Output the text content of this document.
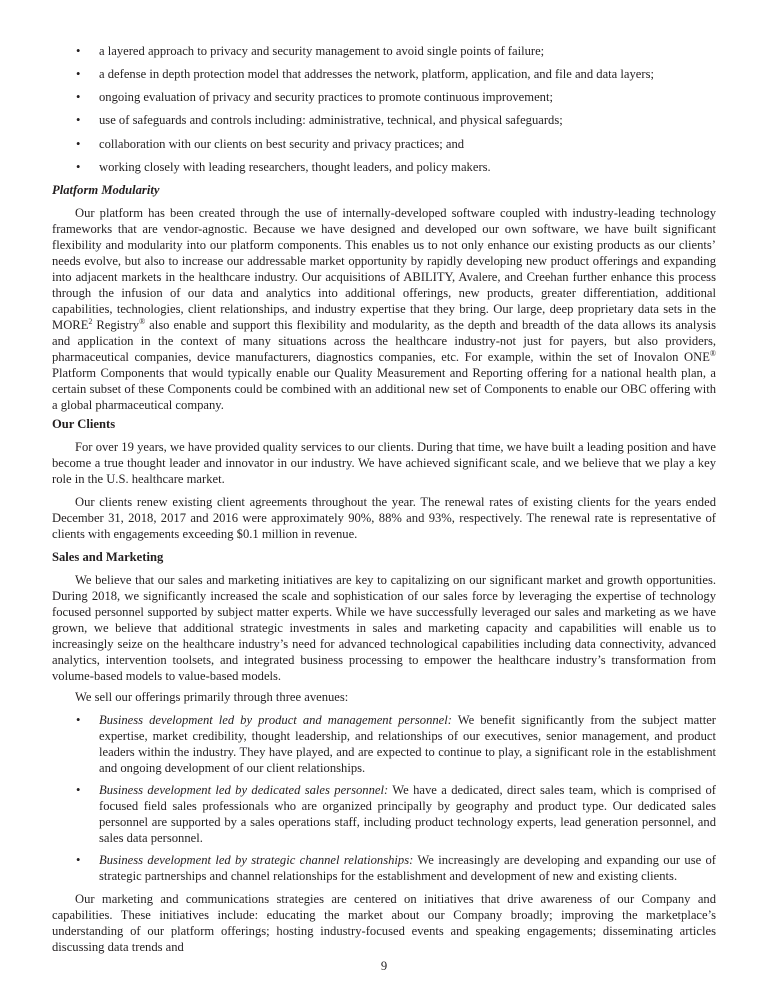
• a layered approach to privacy and security management to avoid single points of failure;
• a defense in depth protection model that addresses the network, platform, application, and file and data layers;
• ongoing evaluation of privacy and security practices to promote continuous improvement;
• use of safeguards and controls including: administrative, technical, and physical safeguards;
• collaboration with our clients on best security and privacy practices; and
• working closely with leading researchers, thought leaders, and policy makers.
Platform Modularity
Our platform has been created through the use of internally-developed software coupled with industry-leading technology frameworks that are vendor-agnostic. Because we have designed and developed our own software, we have built significant flexibility and modularity into our platform components. This enables us to not only enhance our existing products as our clients’ needs evolve, but also to increase our addressable market opportunity by rapidly developing new product offerings and expanding into adjacent markets in the healthcare industry. Our acquisitions of ABILITY, Avalere, and Creehan further enhance this process through the infusion of our data and analytics into additional offerings, new products, greater differentiation, additional capabilities, technologies, client relationships, and industry expertise that they bring. Our large, deep proprietary data sets in the MORE$^2$ Registry® also enable and support this flexibility and modularity, as the depth and breadth of the data allows its analysis and application in the context of many situations across the healthcare industry-not just for payers, but also providers, pharmaceutical companies, device manufacturers, diagnostics companies, etc. For example, within the set of Inovalon ONE® Platform Components that would typically enable our Quality Measurement and Reporting offering for a national health plan, a certain subset of these Components could be combined with an additional new set of Components to enable our OBC offering with a global pharmaceutical company.
Our Clients
For over 19 years, we have provided quality services to our clients. During that time, we have built a leading position and have become a true thought leader and innovator in our industry. We have achieved significant scale, and we believe that we play a key role in the U.S. healthcare market.
Our clients renew existing client agreements throughout the year. The renewal rates of existing clients for the years ended December 31, 2018, 2017 and 2016 were approximately 90%, 88% and 93%, respectively. The renewal rate is representative of clients with engagements exceeding $0.1 million in revenue.
Sales and Marketing
We believe that our sales and marketing initiatives are key to capitalizing on our significant market and growth opportunities. During 2018, we significantly increased the scale and sophistication of our sales force by leveraging the expertise of technology focused personnel supported by subject matter experts. While we have successfully leveraged our sales and marketing as we have grown, we believe that additional strategic investments in sales and marketing capacity and capabilities will enable us to increasingly seize on the healthcare industry’s need for advanced technological capabilities including data connectivity, advanced analytics, intervention toolsets, and integrated business processing to empower the healthcare industry’s transformation from volume-based models to value-based models.
We sell our offerings primarily through three avenues:
• Business development led by product and management personnel: We benefit significantly from the subject matter expertise, market credibility, thought leadership, and relationships of our executives, senior management, and product leaders within the industry. They have played, and are expected to continue to play, a significant role in the establishment and ongoing development of our client relationships.
• Business development led by dedicated sales personnel: We have a dedicated, direct sales team, which is comprised of focused field sales professionals who are organized principally by geography and product type. Our dedicated sales personnel are supported by a sales operations staff, including product technology experts, lead generation personnel, and sales data personnel.
• Business development led by strategic channel relationships: We increasingly are developing and expanding our use of strategic partnerships and channel relationships for the establishment and development of new and existing clients.
Our marketing and communications strategies are centered on initiatives that drive awareness of our Company and capabilities. These initiatives include: educating the market about our Company broadly; improving the marketplace’s understanding of our platform offerings; hosting industry-focused events and speaking engagements; disseminating articles discussing data trends and
9
